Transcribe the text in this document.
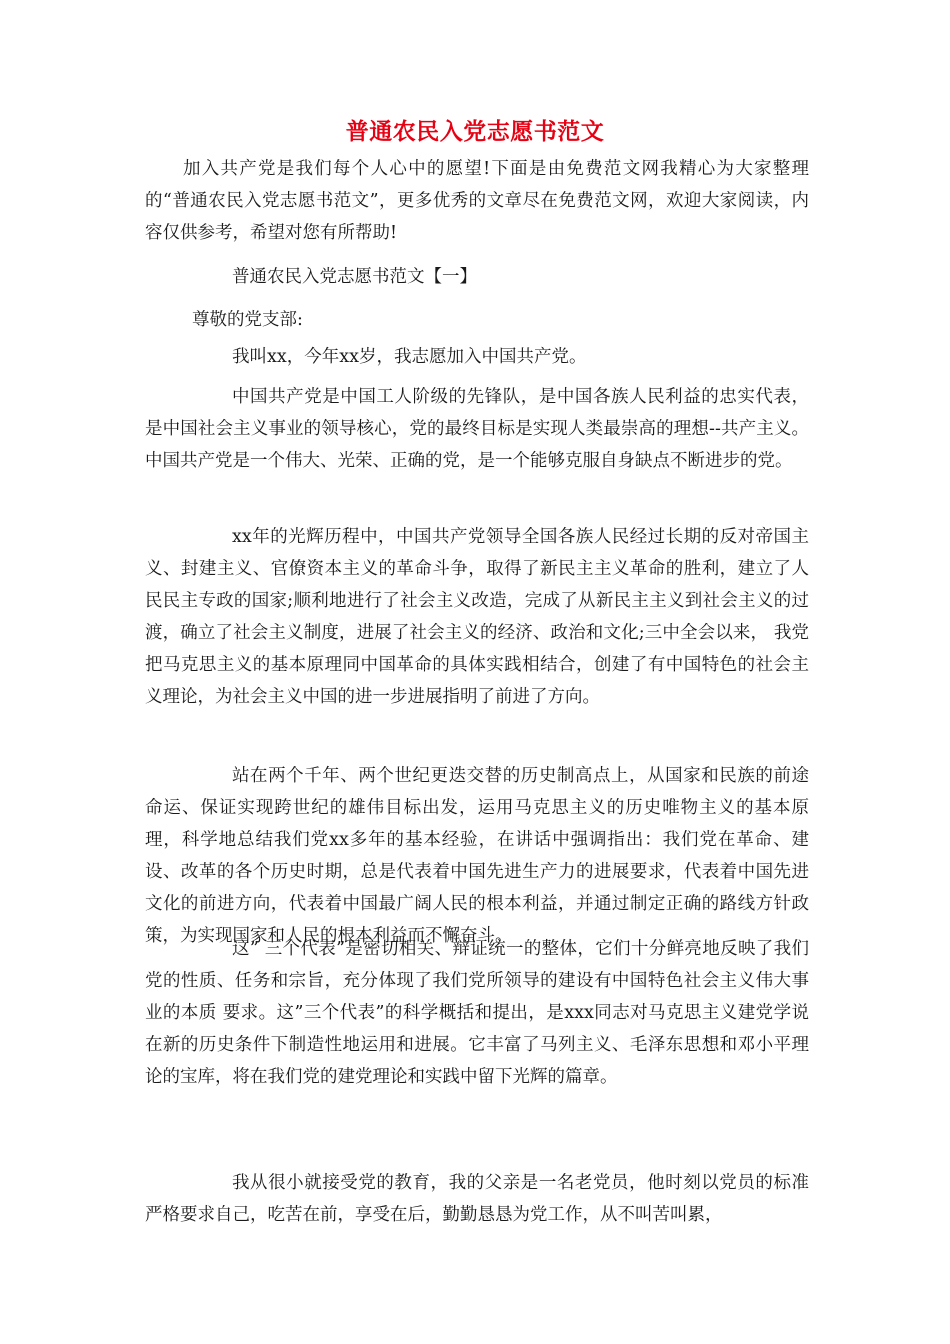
普通农民入党志愿书范文

加入共产党是我们每个人心中的愿望!下面是由免费范文网我精心为大家整理的“普通农民入党志愿书范文”，更多优秀的文章尽在免费范文网，欢迎大家阅读，内容仅供参考，希望对您有所帮助!

普通农民入党志愿书范文【一】

尊敬的党支部:

我叫xx，今年xx岁，我志愿加入中国共产党。

中国共产党是中国工人阶级的先锋队，是中国各族人民利益的忠实代表，是中国社会主义事业的领导核心，党的最终目标是实现人类最崇高的理想--共产主义。中国共产党是一个伟大、光荣、正确的党，是一个能够克服自身缺点不断进步的党。

xx年的光辉历程中，中国共产党领导全国各族人民经过长期的反对帝国主义、封建主义、官僚资本主义的革命斗争，取得了新民主主义革命的胜利，建立了人民民主专政的国家;顺利地进行了社会主义改造，完成了从新民主主义到社会主义的过渡，确立了社会主义制度，进展了社会主义的经济、政治和文化;三中全会以来， 我党把马克思主义的基本原理同中国革命的具体实践相结合，创建了有中国特色的社会主义理论，为社会主义中国的进一步进展指明了前进了方向。

站在两个千年、两个世纪更迭交替的历史制高点上，从国家和民族的前途命运、保证实现跨世纪的雄伟目标出发，运用马克思主义的历史唯物主义的基本原理，科学地总结我们党xx多年的基本经验，在讲话中强调指出：我们党在革命、建设、改革的各个历史时期，总是代表着中国先进生产力的进展要求，代表着中国先进文化的前进方向，代表着中国最广阔人民的根本利益，并通过制定正确的路线方针政策，为实现国家和人民的根本利益而不懈奋斗。

这” 三个代表”是密切相关、辩证统一的整体，它们十分鲜亮地反映了我们党的性质、任务和宗旨，充分体现了我们党所领导的建设有中国特色社会主义伟大事业的本质 要求。这”三个代表”的科学概括和提出，是xxx同志对马克思主义建党学说在新的历史条件下制造性地运用和进展。它丰富了马列主义、毛泽东思想和邓小平理 论的宝库，将在我们党的建党理论和实践中留下光辉的篇章。

我从很小就接受党的教育，我的父亲是一名老党员，他时刻以党员的标准严格要求自己，吃苦在前，享受在后，勤勤恳恳为党工作，从不叫苦叫累，
